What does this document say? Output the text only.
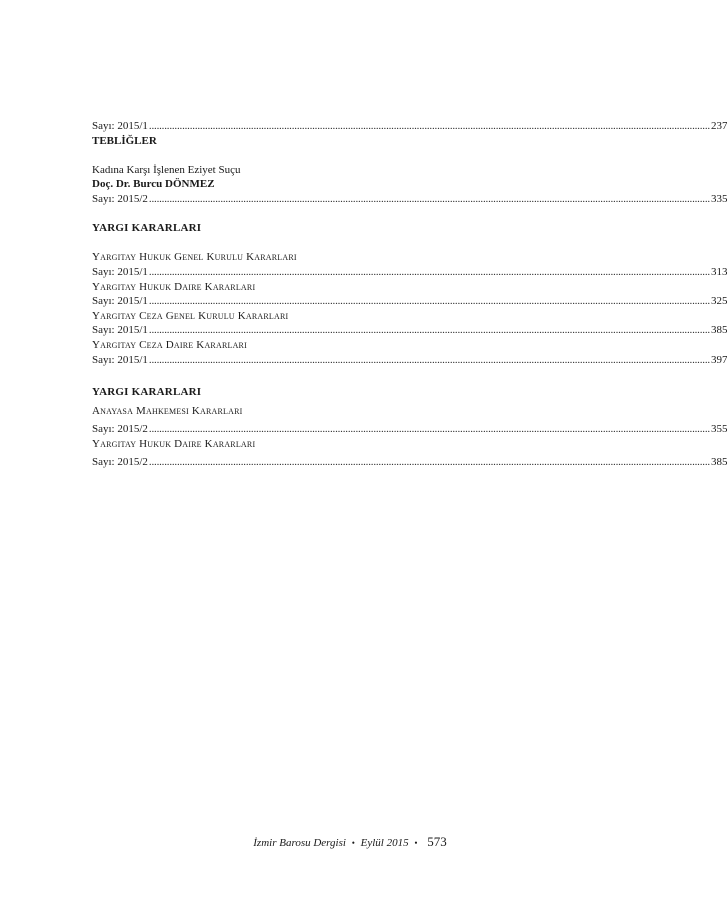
Sayı: 2015/1 ............................................................................................................................................................................................................................ 237
TEBLİĞLER
Kadına Karşı İşlenen Eziyet Suçu
Doç. Dr. Burcu DÖNMEZ
Sayı: 2015/2 ............................................................................................................................................................................................................................ 335
YARGI KARARLARI
Yargıtay Hukuk Genel Kurulu Kararları
Sayı: 2015/1 ............................................................................................................................................................................................................................ 313
Yargıtay Hukuk Daire Kararları
Sayı: 2015/1 ............................................................................................................................................................................................................................ 325
Yargıtay Ceza Genel Kurulu Kararları
Sayı: 2015/1 ............................................................................................................................................................................................................................ 385
Yargıtay Ceza Daire Kararları
Sayı: 2015/1 ............................................................................................................................................................................................................................ 397
YARGI KARARLARI
Anayasa Mahkemesi Kararları
Sayı: 2015/2 ............................................................................................................................................................................................................................ 355
Yargıtay Hukuk Daire Kararları
Sayı: 2015/2 ............................................................................................................................................................................................................................ 385
İzmir Barosu Dergisi • Eylül 2015 • 573
